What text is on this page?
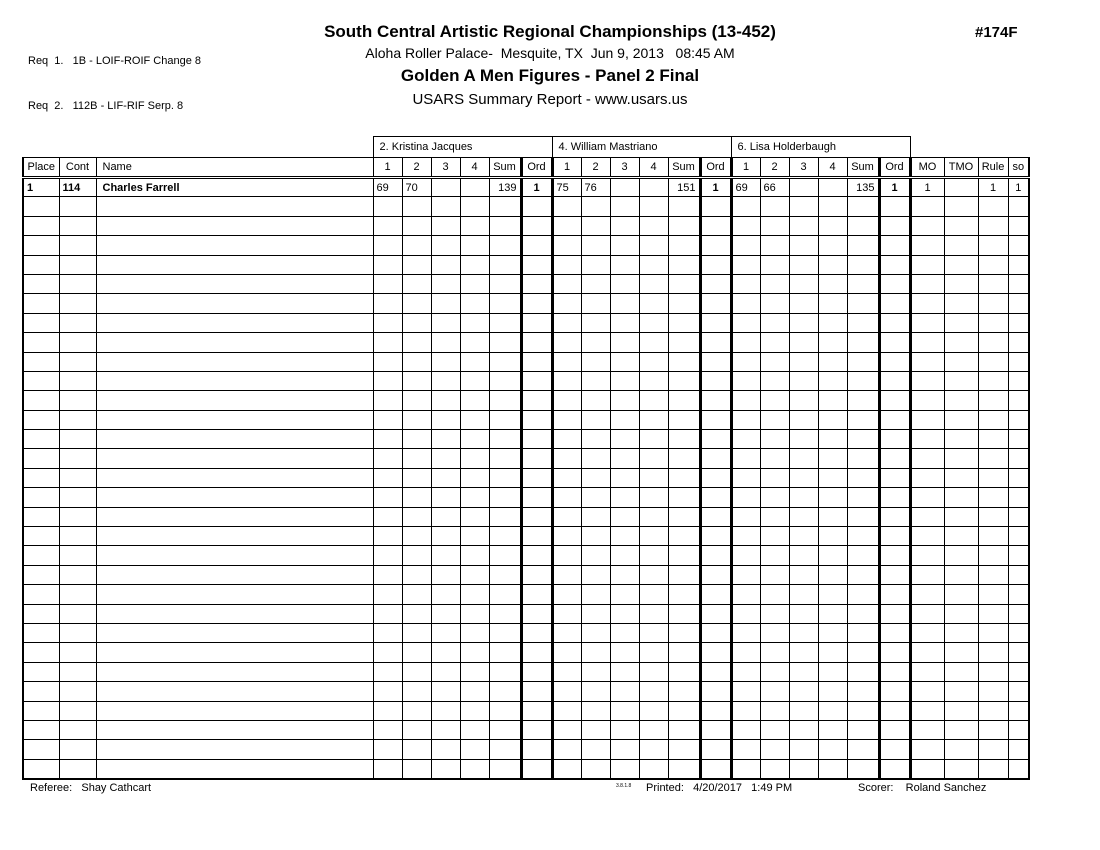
Req  1.   1B - LOIF-ROIF Change 8

Req  2.   112B - LIF-RIF Serp. 8

South Central Artistic Regional Championships (13-452)
Aloha Roller Palace-  Mesquite, TX  Jun 9, 2013   08:45 AM
Golden A Men Figures - Panel 2 Final
USARS Summary Report - www.usars.us
#174F
			2. Kristina Jacques						4. William Mastriano						6. Lisa Holderbaugh									
Place	Cont	Name	1	2	3	4	Sum	Ord	1	2	3	4	Sum	Ord	1	2	3	4	Sum	Ord	MO	TMO	Rule	so
1	114	Charles Farrell	69	70			139	1	75	76			151	1	69	66			135	1	1		1	1

Referee:   Shay Cathcart	3.8.1.8 Printed:   4/20/2017   1:49 PM	Scorer:    Roland Sanchez
